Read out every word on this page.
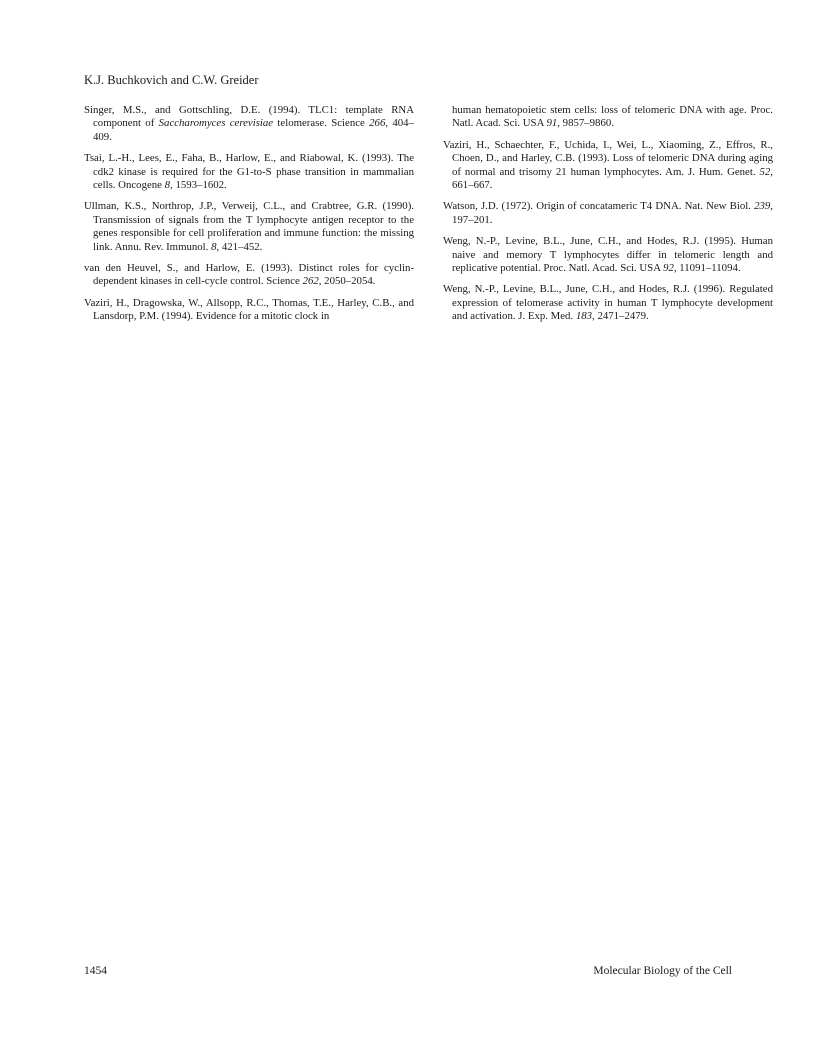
K.J. Buchkovich and C.W. Greider

Singer, M.S., and Gottschling, D.E. (1994). TLC1: template RNA component of Saccharomyces cerevisiae telomerase. Science 266, 404–409.

Tsai, L.-H., Lees, E., Faha, B., Harlow, E., and Riabowal, K. (1993). The cdk2 kinase is required for the G1-to-S phase transition in mammalian cells. Oncogene 8, 1593–1602.

Ullman, K.S., Northrop, J.P., Verweij, C.L., and Crabtree, G.R. (1990). Transmission of signals from the T lymphocyte antigen receptor to the genes responsible for cell proliferation and immune function: the missing link. Annu. Rev. Immunol. 8, 421–452.

van den Heuvel, S., and Harlow, E. (1993). Distinct roles for cyclin-dependent kinases in cell-cycle control. Science 262, 2050–2054.

Vaziri, H., Dragowska, W., Allsopp, R.C., Thomas, T.E., Harley, C.B., and Lansdorp, P.M. (1994). Evidence for a mitotic clock in

human hematopoietic stem cells: loss of telomeric DNA with age. Proc. Natl. Acad. Sci. USA 91, 9857–9860.

Vaziri, H., Schaechter, F., Uchida, I., Wei, L., Xiaoming, Z., Effros, R., Choen, D., and Harley, C.B. (1993). Loss of telomeric DNA during aging of normal and trisomy 21 human lymphocytes. Am. J. Hum. Genet. 52, 661–667.

Watson, J.D. (1972). Origin of concatameric T4 DNA. Nat. New Biol. 239, 197–201.

Weng, N.-P., Levine, B.L., June, C.H., and Hodes, R.J. (1995). Human naive and memory T lymphocytes differ in telomeric length and replicative potential. Proc. Natl. Acad. Sci. USA 92, 11091–11094.

Weng, N.-P., Levine, B.L., June, C.H., and Hodes, R.J. (1996). Regulated expression of telomerase activity in human T lymphocyte development and activation. J. Exp. Med. 183, 2471–2479.

1454	Molecular Biology of the Cell
